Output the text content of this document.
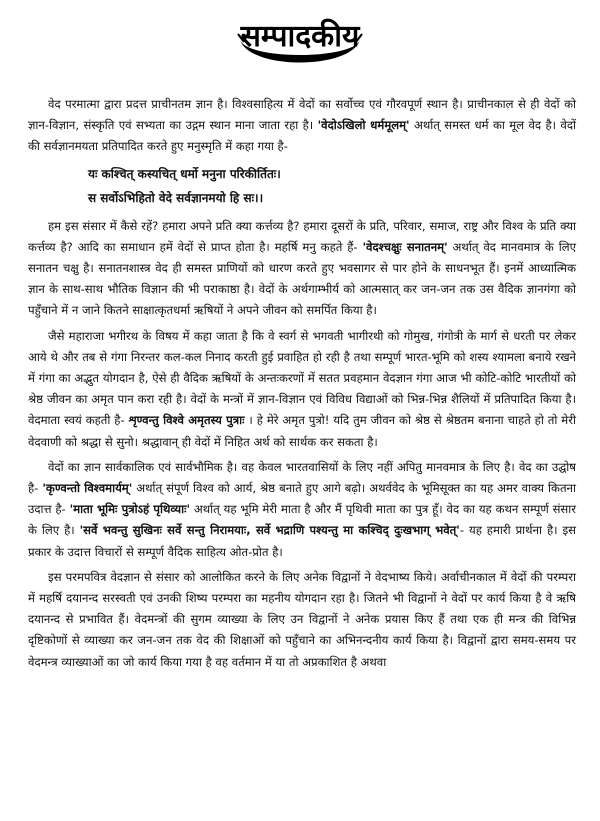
सम्पादकीय

वेद परमात्मा द्वारा प्रदत्त प्राचीनतम ज्ञान है। विश्वसाहित्य में वेदों का सर्वोच्च एवं गौरवपूर्ण स्थान है। प्राचीनकाल से ही वेदों को ज्ञान-विज्ञान, संस्कृति एवं सभ्यता का उद्गम स्थान माना जाता रहा है। 'वेदोऽखिलो धर्ममूलम्' अर्थात् समस्त धर्म का मूल वेद है। वेदों की सर्वज्ञानमयता प्रतिपादित करते हुए मनुस्मृति में कहा गया है-

यः कश्चित् कस्यचित् धर्मो मनुना परिकीर्तितः।
स सर्वोऽभिहितो वेदे सर्वज्ञानमयो हि सः।।

हम इस संसार में कैसे रहें? हमारा अपने प्रति क्या कर्त्तव्य है? हमारा दूसरों के प्रति, परिवार, समाज, राष्ट्र और विश्व के प्रति क्या कर्त्तव्य है? आदि का समाधान हमें वेदों से प्राप्त होता है। महर्षि मनु कहते हैं- 'वेदश्चक्षुः सनातनम्' अर्थात् वेद मानवमात्र के लिए सनातन चक्षु है। सनातनशास्त्र वेद ही समस्त प्राणियों को धारण करते हुए भवसागर से पार होने के साधनभूत हैं। इनमें आध्यात्मिक ज्ञान के साथ-साथ भौतिक विज्ञान की भी पराकाष्ठा है। वेदों के अर्थगाम्भीर्य को आत्मसात् कर जन-जन तक उस वैदिक ज्ञानगंगा को पहुँचाने में न जाने कितने साक्षात्कृतधर्मा ऋषियों ने अपने जीवन को समर्पित किया है।

जैसे महाराजा भगीरथ के विषय में कहा जाता है कि वे स्वर्ग से भगवती भागीरथी को गोमुख, गंगोत्री के मार्ग से धरती पर लेकर आये थे और तब से गंगा निरन्तर कल-कल निनाद करती हुई प्रवाहित हो रही है तथा सम्पूर्ण भारत-भूमि को शस्य श्यामला बनाये रखने में गंगा का अद्भुत योगदान है, ऐसे ही वैदिक ऋषियों के अन्तःकरणों में सतत प्रवहमान वेदज्ञान गंगा आज भी कोटि-कोटि भारतीयों को श्रेष्ठ जीवन का अमृत पान करा रही है। वेदों के मन्त्रों में ज्ञान-विज्ञान एवं विविध विद्याओं को भिन्न-भिन्न शैलियों में प्रतिपादित किया है। वेदमाता स्वयं कहती है- शृण्वन्तु विश्वे अमृतस्य पुत्राः । हे मेरे अमृत पुत्रो! यदि तुम जीवन को श्रेष्ठ से श्रेष्ठतम बनाना चाहते हो तो मेरी वेदवाणी को श्रद्धा से सुनो। श्रद्धावान् ही वेदों में निहित अर्थ को सार्थक कर सकता है।

वेदों का ज्ञान सार्वकालिक एवं सार्वभौमिक है। वह केवल भारतवासियों के लिए नहीं अपितु मानवमात्र के लिए है। वेद का उद्घोष है- 'कृण्वन्तो विश्वमार्यम्' अर्थात् संपूर्ण विश्व को आर्य, श्रेष्ठ बनाते हुए आगे बढ़ो। अथर्ववेद के भूमिसूक्त का यह अमर वाक्य कितना उदात्त है- 'माता भूमिः पुत्रोऽहं पृथिव्याः' अर्थात् यह भूमि मेरी माता है और मैं पृथिवी माता का पुत्र हूँ। वेद का यह कथन सम्पूर्ण संसार के लिए है। 'सर्वे भवन्तु सुखिनः सर्वे सन्तु निरामयाः, सर्वे भद्राणि पश्यन्तु मा कश्चिद् दुःखभाग् भवेत्'- यह हमारी प्रार्थना है। इस प्रकार के उदात्त विचारों से सम्पूर्ण वैदिक साहित्य ओत-प्रोत है।

इस परमपवित्र वेदज्ञान से संसार को आलोकित करने के लिए अनेक विद्वानों ने वेदभाष्य किये। अर्वाचीनकाल में वेदों की परम्परा में महर्षि दयानन्द सरस्वती एवं उनकी शिष्य परम्परा का महनीय योगदान रहा है। जितने भी विद्वानों ने वेदों पर कार्य किया है वे ऋषि दयानन्द से प्रभावित हैं। वेदमन्त्रों की सुगम व्याख्या के लिए उन विद्वानों ने अनेक प्रयास किए हैं तथा एक ही मन्त्र की विभिन्न दृष्टिकोणों से व्याख्या कर जन-जन तक वेद की शिक्षाओं को पहुँचाने का अभिनन्दनीय कार्य किया है। विद्वानों द्वारा समय-समय पर वेदमन्त्र व्याख्याओं का जो कार्य किया गया है वह वर्तमान में या तो अप्रकाशित है अथवा
